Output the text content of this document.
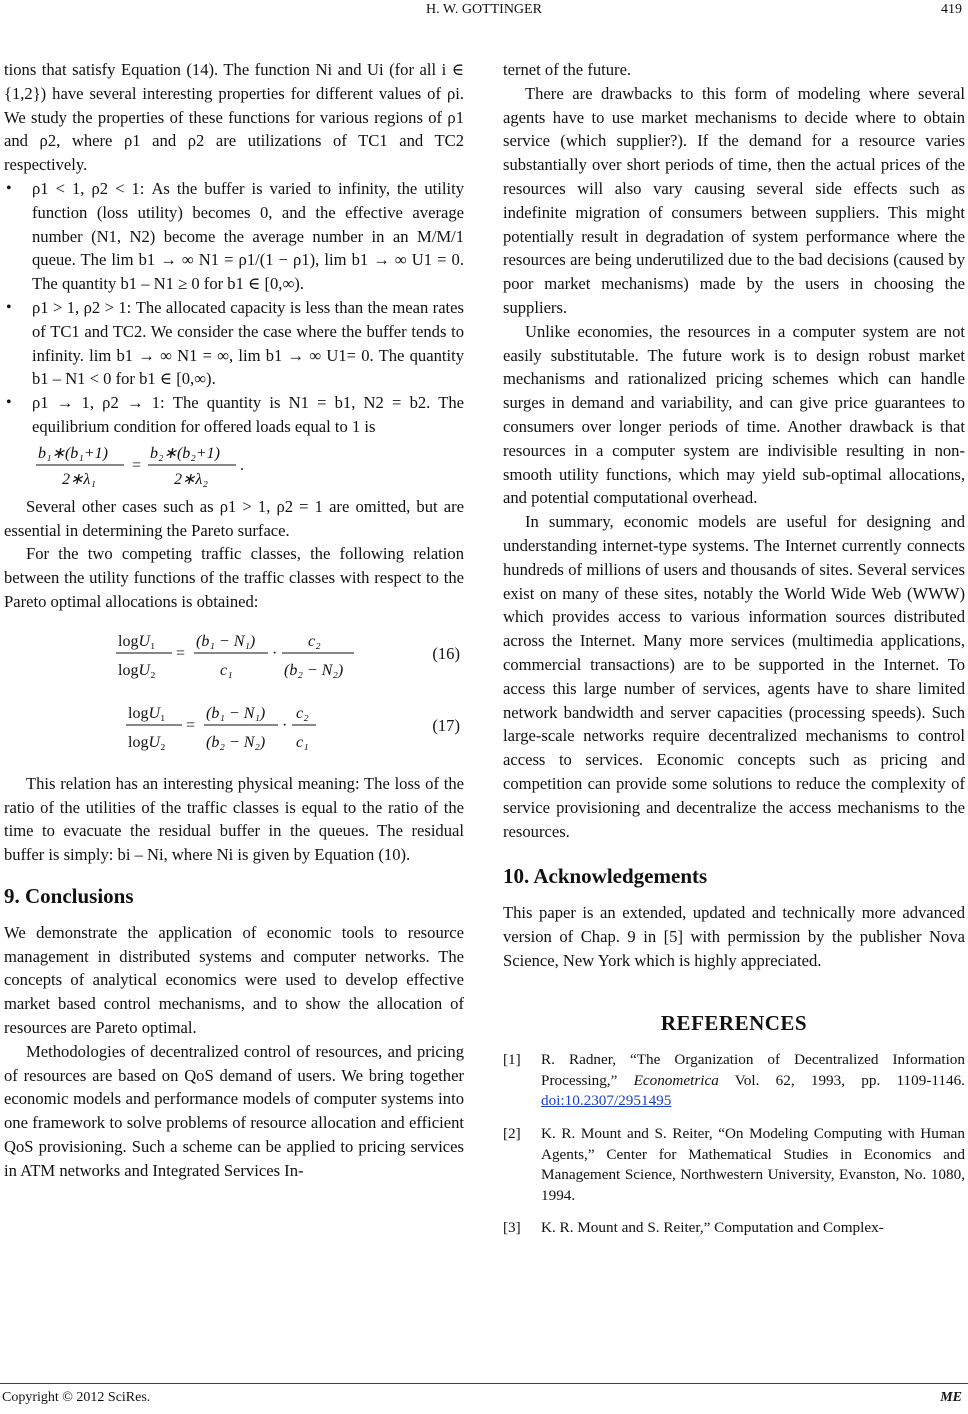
H. W. GOTTINGER	419

tions that satisfy Equation (14). The function Ni and Ui (for all i ∈ {1,2}) have several interesting properties for different values of ρi. We study the properties of these functions for various regions of ρ1 and ρ2, where ρ1 and ρ2 are utilizations of TC1 and TC2 respectively.

• ρ1 < 1, ρ2 < 1: As the buffer is varied to infinity, the utility function (loss utility) becomes 0, and the effective average number (N1, N2) become the average number in an M/M/1 queue. The lim b1 → ∞ N1 = ρ1/(1 − ρ1), lim b1 → ∞ U1 = 0. The quantity b1 – N1 ≥ 0 for b1 ∈ [0,∞).

• ρ1 > 1, ρ2 > 1: The allocated capacity is less than the mean rates of TC1 and TC2. We consider the case where the buffer tends to infinity. lim b1 → ∞ N1 = ∞, lim b1 → ∞ U1= 0. The quantity b1 – N1 < 0 for b1 ∈ [0,∞).

• ρ1 → 1, ρ2 → 1: The quantity is N1 = b1, N2 = b2. The equilibrium condition for offered loads equal to 1 is

b₁∗(b₁+1)
2∗λ₁
=
b₂∗(b₂+1)
2∗λ₂
.

Several other cases such as ρ1 > 1, ρ2 = 1 are omitted, but are essential in determining the Pareto surface.

For the two competing traffic classes, the following relation between the utility functions of the traffic classes with respect to the Pareto optimal allocations is obtained:

logU₁
logU₂
=
(b₁ − N₁)
c₁
·
c₂
(b₂ − N₂)
(16)
logU₁
logU₂
=
(b₁ − N₁)
(b₂ − N₂)
·
c₂
c₁
(17)

This relation has an interesting physical meaning: The loss of the ratio of the utilities of the traffic classes is equal to the ratio of the time to evacuate the residual buffer in the queues. The residual buffer is simply: bi – Ni, where Ni is given by Equation (10).

9. Conclusions

We demonstrate the application of economic tools to resource management in distributed systems and computer networks. The concepts of analytical economics were used to develop effective market based control mechanisms, and to show the allocation of resources are Pareto optimal.

Methodologies of decentralized control of resources, and pricing of resources are based on QoS demand of users. We bring together economic models and performance models of computer systems into one framework to solve problems of resource allocation and efficient QoS provisioning. Such a scheme can be applied to pricing services in ATM networks and Integrated Services In-

ternet of the future.

There are drawbacks to this form of modeling where several agents have to use market mechanisms to decide where to obtain service (which supplier?). If the demand for a resource varies substantially over short periods of time, then the actual prices of the resources will also vary causing several side effects such as indefinite migration of consumers between suppliers. This might potentially result in degradation of system performance where the resources are being underutilized due to the bad decisions (caused by poor market mechanisms) made by the users in choosing the suppliers.

Unlike economies, the resources in a computer system are not easily substitutable. The future work is to design robust market mechanisms and rationalized pricing schemes which can handle surges in demand and variability, and can give price guarantees to consumers over longer periods of time. Another drawback is that resources in a computer system are indivisible resulting in non-smooth utility functions, which may yield sub-optimal allocations, and potential computational overhead.

In summary, economic models are useful for designing and understanding internet-type systems. The Internet currently connects hundreds of millions of users and thousands of sites. Several services exist on many of these sites, notably the World Wide Web (WWW) which provides access to various information sources distributed across the Internet. Many more services (multimedia applications, commercial transactions) are to be supported in the Internet. To access this large number of services, agents have to share limited network bandwidth and server capacities (processing speeds). Such large-scale networks require decentralized mechanisms to control access to services. Economic concepts such as pricing and competition can provide some solutions to reduce the complexity of service provisioning and decentralize the access mechanisms to the resources.

10. Acknowledgements

This paper is an extended, updated and technically more advanced version of Chap. 9 in [5] with permission by the publisher Nova Science, New York which is highly appreciated.

REFERENCES
[1] R. Radner, “The Organization of Decentralized Information Processing,” Econometrica Vol. 62, 1993, pp. 1109-1146. doi:10.2307/2951495
[2] K. R. Mount and S. Reiter, “On Modeling Computing with Human Agents,” Center for Mathematical Studies in Economics and Management Science, Northwestern University, Evanston, No. 1080, 1994.
[3] K. R. Mount and S. Reiter,” Computation and Complex-
Copyright © 2012 SciRes.	ME
